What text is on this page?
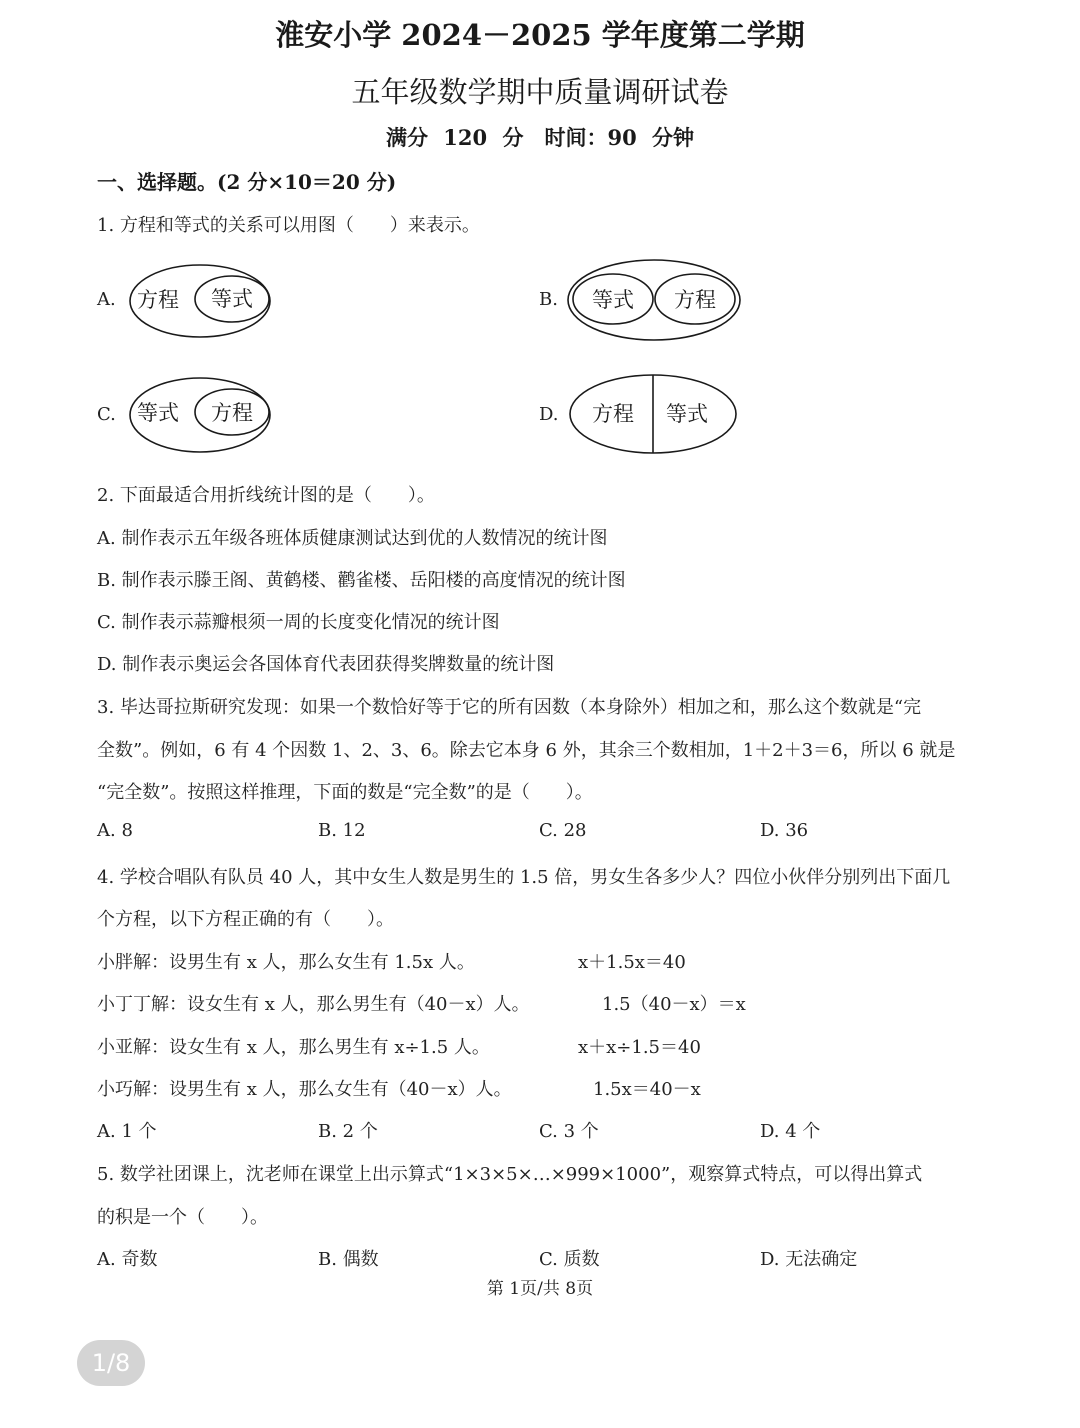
淮安小学 2024－2025 学年度第二学期
五年级数学期中质量调研试卷
满分 120 分　时间：90 分钟
一、选择题。(2 分×10＝20 分)
1. 方程和等式的关系可以用图（　　）来表示。
A. 方程 等式	B. 等式 方程
C. 等式 方程	D. 方程 等式
2. 下面最适合用折线统计图的是（　　）。
A. 制作表示五年级各班体质健康测试达到优的人数情况的统计图
B. 制作表示滕王阁、黄鹤楼、鹳雀楼、岳阳楼的高度情况的统计图
C. 制作表示蒜瓣根须一周的长度变化情况的统计图
D. 制作表示奥运会各国体育代表团获得奖牌数量的统计图
3. 毕达哥拉斯研究发现：如果一个数恰好等于它的所有因数（本身除外）相加之和，那么这个数就是“完
全数”。例如，6 有 4 个因数 1、2、3、6。除去它本身 6 外，其余三个数相加，1＋2＋3＝6，所以 6 就是
“完全数”。按照这样推理，下面的数是“完全数”的是（　　）。
A. 8	B. 12	C. 28	D. 36
4. 学校合唱队有队员 40 人，其中女生人数是男生的 1.5 倍，男女生各多少人？四位小伙伴分别列出下面几
个方程，以下方程正确的有（　　）。
小胖解：设男生有 x 人，那么女生有 1.5x 人。	x＋1.5x＝40
小丁丁解：设女生有 x 人，那么男生有（40－x）人。	1.5（40－x）＝x
小亚解：设女生有 x 人，那么男生有 x÷1.5 人。	x＋x÷1.5＝40
小巧解：设男生有 x 人，那么女生有（40－x）人。	1.5x＝40－x
A. 1 个	B. 2 个	C. 3 个	D. 4 个
5. 数学社团课上，沈老师在课堂上出示算式“1×3×5×…×999×1000”，观察算式特点，可以得出算式
的积是一个（　　）。
A. 奇数	B. 偶数	C. 质数	D. 无法确定
第 1页/共 8页
1/8
